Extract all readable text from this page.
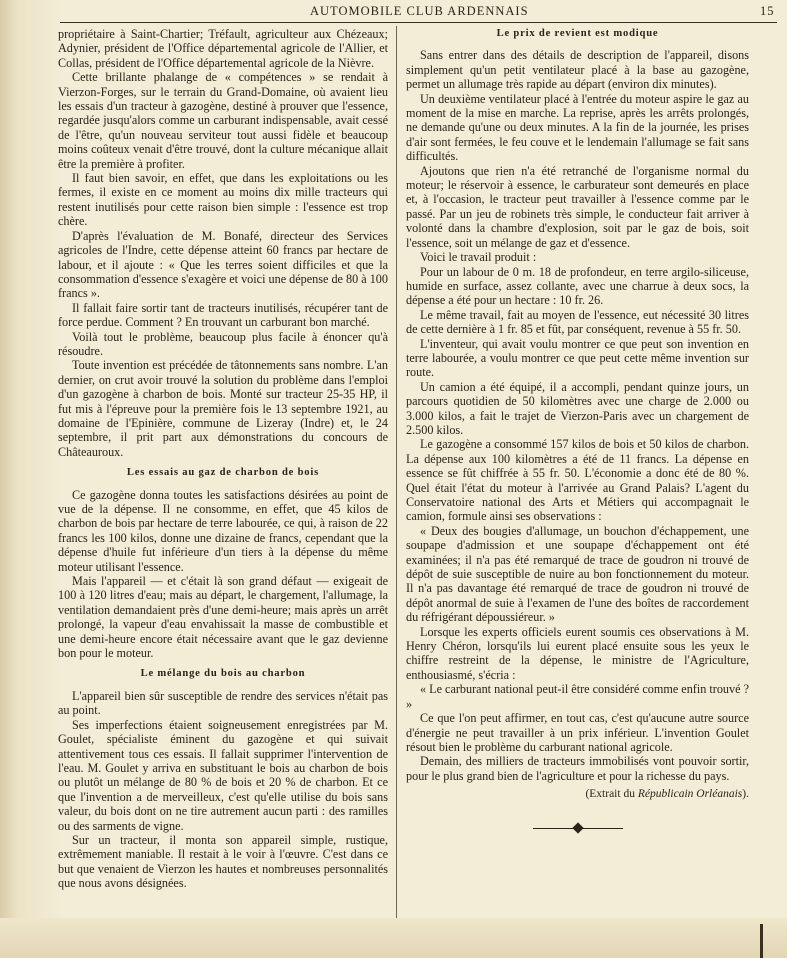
AUTOMOBILE CLUB ARDENNAIS	15

propriétaire à Saint-Chartier; Tréfault, agriculteur aux Chézeaux; Adynier, président de l'Office départemental agricole de l'Allier, et Collas, président de l'Office départemental agricole de la Nièvre.

Cette brillante phalange de « compétences » se rendait à Vierzon-Forges, sur le terrain du Grand-Domaine, où avaient lieu les essais d'un tracteur à gazogène, destiné à prouver que l'essence, regardée jusqu'alors comme un carburant indispensable, avait cessé de l'être, qu'un nouveau serviteur tout aussi fidèle et beaucoup moins coûteux venait d'être trouvé, dont la culture mécanique allait être la première à profiter.

Il faut bien savoir, en effet, que dans les exploitations ou les fermes, il existe en ce moment au moins dix mille tracteurs qui restent inutilisés pour cette raison bien simple : l'essence est trop chère.

D'après l'évaluation de M. Bonafé, directeur des Services agricoles de l'Indre, cette dépense atteint 60 francs par hectare de labour, et il ajoute : « Que les terres soient difficiles et que la consommation d'essence s'exagère et voici une dépense de 80 à 100 francs ».

Il fallait faire sortir tant de tracteurs inutilisés, récupérer tant de force perdue. Comment ? En trouvant un carburant bon marché.

Voilà tout le problème, beaucoup plus facile à énoncer qu'à résoudre.

Toute invention est précédée de tâtonnements sans nombre. L'an dernier, on crut avoir trouvé la solution du problème dans l'emploi d'un gazogène à charbon de bois. Monté sur tracteur 25-35 HP, il fut mis à l'épreuve pour la première fois le 13 septembre 1921, au domaine de l'Epinière, commune de Lizeray (Indre) et, le 24 septembre, il prit part aux démonstrations du concours de Châteauroux.

Les essais au gaz de charbon de bois

Ce gazogène donna toutes les satisfactions désirées au point de vue de la dépense. Il ne consomme, en effet, que 45 kilos de charbon de bois par hectare de terre labourée, ce qui, à raison de 22 francs les 100 kilos, donne une dizaine de francs, cependant que la dépense d'huile fut inférieure d'un tiers à la dépense du même moteur utilisant l'essence.

Mais l'appareil — et c'était là son grand défaut — exigeait de 100 à 120 litres d'eau; mais au départ, le chargement, l'allumage, la ventilation demandaient près d'une demi-heure; mais après un arrêt prolongé, la vapeur d'eau envahissait la masse de combustible et une demi-heure encore était nécessaire avant que le gaz devienne bon pour le moteur.

Le mélange du bois au charbon

L'appareil bien sûr susceptible de rendre des services n'était pas au point.

Ses imperfections étaient soigneusement enregistrées par M. Goulet, spécialiste éminent du gazogène et qui suivait attentivement tous ces essais. Il fallait supprimer l'intervention de l'eau. M. Goulet y arriva en substituant le bois au charbon de bois ou plutôt un mélange de 80 % de bois et 20 % de charbon. Et ce que l'invention a de merveilleux, c'est qu'elle utilise du bois sans valeur, du bois dont on ne tire autrement aucun parti : des ramilles ou des sarments de vigne.

Sur un tracteur, il monta son appareil simple, rustique, extrêmement maniable. Il restait à le voir à l'œuvre. C'est dans ce but que venaient de Vierzon les hautes et nombreuses personnalités que nous avons désignées.

Le prix de revient est modique

Sans entrer dans des détails de description de l'appareil, disons simplement qu'un petit ventilateur placé à la base au gazogène, permet un allumage très rapide au départ (environ dix minutes).

Un deuxième ventilateur placé à l'entrée du moteur aspire le gaz au moment de la mise en marche. La reprise, après les arrêts prolongés, ne demande qu'une ou deux minutes. A la fin de la journée, les prises d'air sont fermées, le feu couve et le lendemain l'allumage se fait sans difficultés.

Ajoutons que rien n'a été retranché de l'organisme normal du moteur; le réservoir à essence, le carburateur sont demeurés en place et, à l'occasion, le tracteur peut travailler à l'essence comme par le passé. Par un jeu de robinets très simple, le conducteur fait arriver à volonté dans la chambre d'explosion, soit par le gaz de bois, soit l'essence, soit un mélange de gaz et d'essence.

Voici le travail produit :

Pour un labour de 0 m. 18 de profondeur, en terre argilo-siliceuse, humide en surface, assez collante, avec une charrue à deux socs, la dépense a été pour un hectare : 10 fr. 26.

Le même travail, fait au moyen de l'essence, eut nécessité 30 litres de cette dernière à 1 fr. 85 et fût, par conséquent, revenue à 55 fr. 50.

L'inventeur, qui avait voulu montrer ce que peut son invention en terre labourée, a voulu montrer ce que peut cette même invention sur route.

Un camion a été équipé, il a accompli, pendant quinze jours, un parcours quotidien de 50 kilomètres avec une charge de 2.000 ou 3.000 kilos, a fait le trajet de Vierzon-Paris avec un chargement de 2.500 kilos.

Le gazogène a consommé 157 kilos de bois et 50 kilos de charbon. La dépense aux 100 kilomètres a été de 11 francs. La dépense en essence se fût chiffrée à 55 fr. 50. L'économie a donc été de 80 %. Quel était l'état du moteur à l'arrivée au Grand Palais? L'agent du Conservatoire national des Arts et Métiers qui accompagnait le camion, formule ainsi ses observations :

« Deux des bougies d'allumage, un bouchon d'échappement, une soupape d'admission et une soupape d'échappement ont été examinées; il n'a pas été remarqué de trace de goudron ni trouvé de dépôt de suie susceptible de nuire au bon fonctionnement du moteur. Il n'a pas davantage été remarqué de trace de goudron ni trouvé de dépôt anormal de suie à l'examen de l'une des boîtes de raccordement du réfrigérant dépoussiéreur. »

Lorsque les experts officiels eurent soumis ces observations à M. Henry Chéron, lorsqu'ils lui eurent placé ensuite sous les yeux le chiffre restreint de la dépense, le ministre de l'Agriculture, enthousiasmé, s'écria :

« Le carburant national peut-il être considéré comme enfin trouvé ? »

Ce que l'on peut affirmer, en tout cas, c'est qu'aucune autre source d'énergie ne peut travailler à un prix inférieur. L'invention Goulet résout bien le problème du carburant national agricole.

Demain, des milliers de tracteurs immobilisés vont pouvoir sortir, pour le plus grand bien de l'agriculture et pour la richesse du pays.

(Extrait du Républicain Orléanais).
